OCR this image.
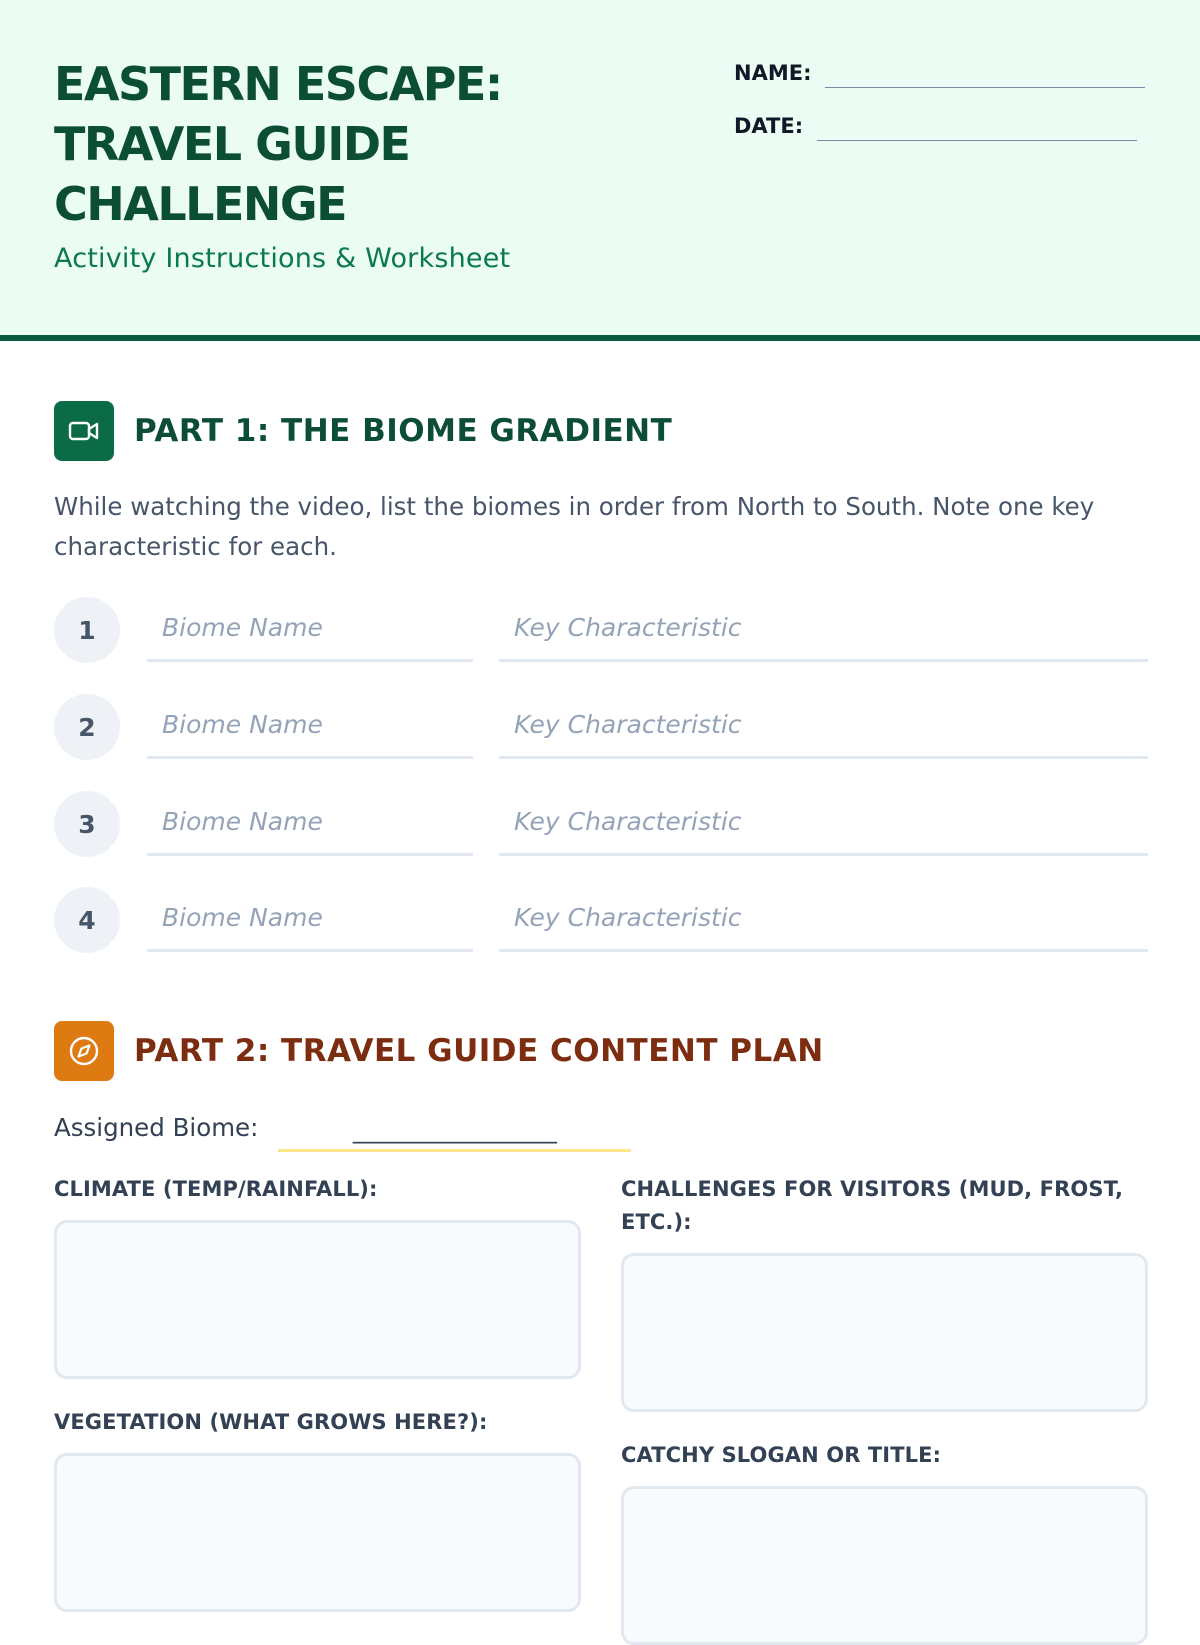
EASTERN ESCAPE:
TRAVEL GUIDE
CHALLENGE

Activity Instructions & Worksheet

NAME:
DATE:
PART 1: THE BIOME GRADIENT

While watching the video, list the biomes in order from North to South. Note one key characteristic for each.

1
Biome Name
Key Characteristic
2
Biome Name
Key Characteristic
3
Biome Name
Key Characteristic
4
Biome Name
Key Characteristic
PART 2: TRAVEL GUIDE CONTENT PLAN
Assigned Biome:
_________________
CLIMATE (TEMP/RAINFALL):	CHALLENGES FOR VISITORS (MUD, FROST, ETC.):
VEGETATION (WHAT GROWS HERE?):
CATCHY SLOGAN OR TITLE:
